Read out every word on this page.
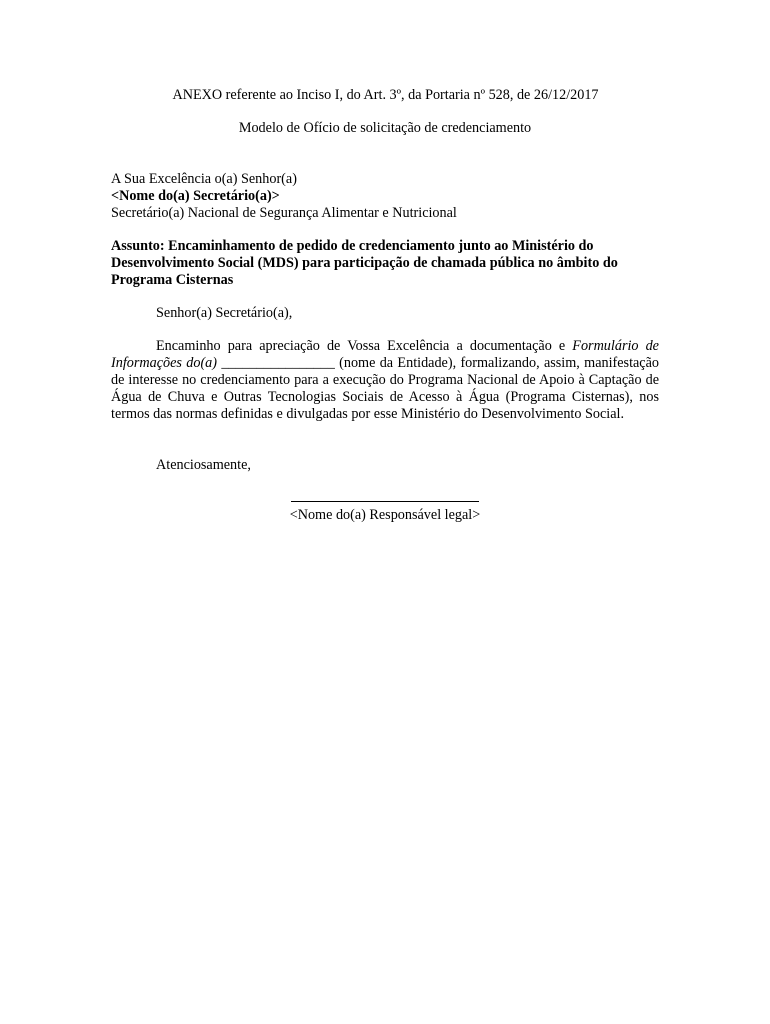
ANEXO referente ao Inciso I, do Art. 3º, da Portaria nº 528, de 26/12/2017

Modelo de Ofício de solicitação de credenciamento

A Sua Excelência o(a) Senhor(a)
<Nome do(a) Secretário(a)>
Secretário(a) Nacional de Segurança Alimentar e Nutricional
Assunto: Encaminhamento de pedido de credenciamento junto ao Ministério do Desenvolvimento Social (MDS) para participação de chamada pública no âmbito do Programa Cisternas
Senhor(a) Secretário(a),
Encaminho para apreciação de Vossa Excelência a documentação e Formulário de Informações do(a) ________________ (nome da Entidade), formalizando, assim, manifestação de interesse no credenciamento para a execução do Programa Nacional de Apoio à Captação de Água de Chuva e Outras Tecnologias Sociais de Acesso à Água (Programa Cisternas), nos termos das normas definidas e divulgadas por esse Ministério do Desenvolvimento Social.
Atenciosamente,
<Nome do(a) Responsável legal>
